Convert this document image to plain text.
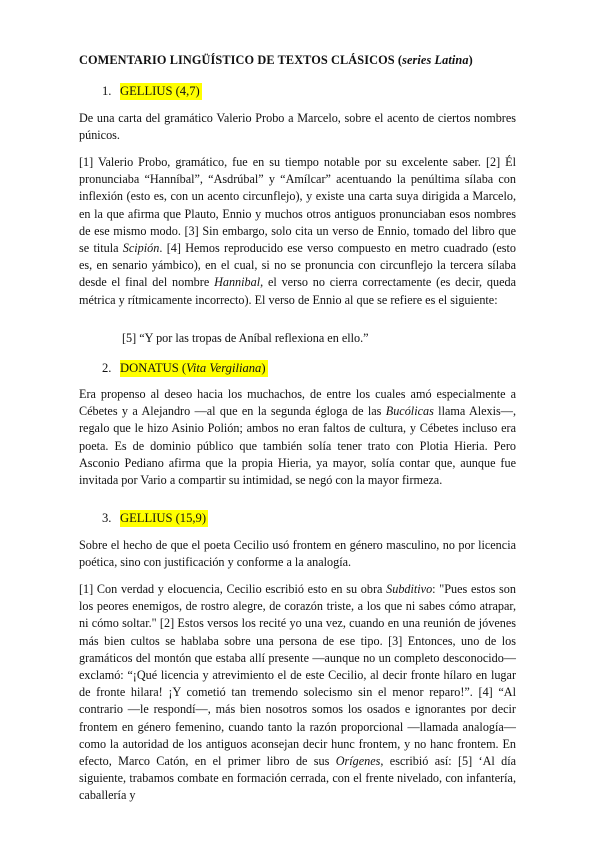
COMENTARIO LINGÜÍSTICO DE TEXTOS CLÁSICOS (series Latina)
1. GELLIUS (4,7)
De una carta del gramático Valerio Probo a Marcelo, sobre el acento de ciertos nombres púnicos.
[1] Valerio Probo, gramático, fue en su tiempo notable por su excelente saber. [2] Él pronunciaba “Hanníbal”, “Asdrúbal” y “Amílcar” acentuando la penúltima sílaba con inflexión (esto es, con un acento circunflejo), y existe una carta suya dirigida a Marcelo, en la que afirma que Plauto, Ennio y muchos otros antiguos pronunciaban esos nombres de ese mismo modo. [3] Sin embargo, solo cita un verso de Ennio, tomado del libro que se titula Scipión. [4] Hemos reproducido ese verso compuesto en metro cuadrado (esto es, en senario yámbico), en el cual, si no se pronuncia con circunflejo la tercera sílaba desde el final del nombre Hannibal, el verso no cierra correctamente (es decir, queda métrica y rítmicamente incorrecto). El verso de Ennio al que se refiere es el siguiente:
[5] “Y por las tropas de Aníbal reflexiona en ello.”
2. DONATUS (Vita Vergiliana)
Era propenso al deseo hacia los muchachos, de entre los cuales amó especialmente a Cébetes y a Alejandro —al que en la segunda égloga de las Bucólicas llama Alexis—, regalo que le hizo Asinio Polión; ambos no eran faltos de cultura, y Cébetes incluso era poeta. Es de dominio público que también solía tener trato con Plotia Hieria. Pero Asconio Pediano afirma que la propia Hieria, ya mayor, solía contar que, aunque fue invitada por Vario a compartir su intimidad, se negó con la mayor firmeza.
3. GELLIUS (15,9)
Sobre el hecho de que el poeta Cecilio usó frontem en género masculino, no por licencia poética, sino con justificación y conforme a la analogía.
[1] Con verdad y elocuencia, Cecilio escribió esto en su obra Subditivo: "Pues estos son los peores enemigos, de rostro alegre, de corazón triste, a los que ni sabes cómo atrapar, ni cómo soltar." [2] Estos versos los recité yo una vez, cuando en una reunión de jóvenes más bien cultos se hablaba sobre una persona de ese tipo. [3] Entonces, uno de los gramáticos del montón que estaba allí presente —aunque no un completo desconocido— exclamó: “¡Qué licencia y atrevimiento el de este Cecilio, al decir fronte hílaro en lugar de fronte hilara! ¡Y cometió tan tremendo solecismo sin el menor reparo!”. [4] “Al contrario —le respondí—, más bien nosotros somos los osados e ignorantes por decir frontem en género femenino, cuando tanto la razón proporcional —llamada analogía— como la autoridad de los antiguos aconsejan decir hunc frontem, y no hanc frontem. En efecto, Marco Catón, en el primer libro de sus Orígenes, escribió así: [5] ‘Al día siguiente, trabamos combate en formación cerrada, con el frente nivelado, con infantería, caballería y
